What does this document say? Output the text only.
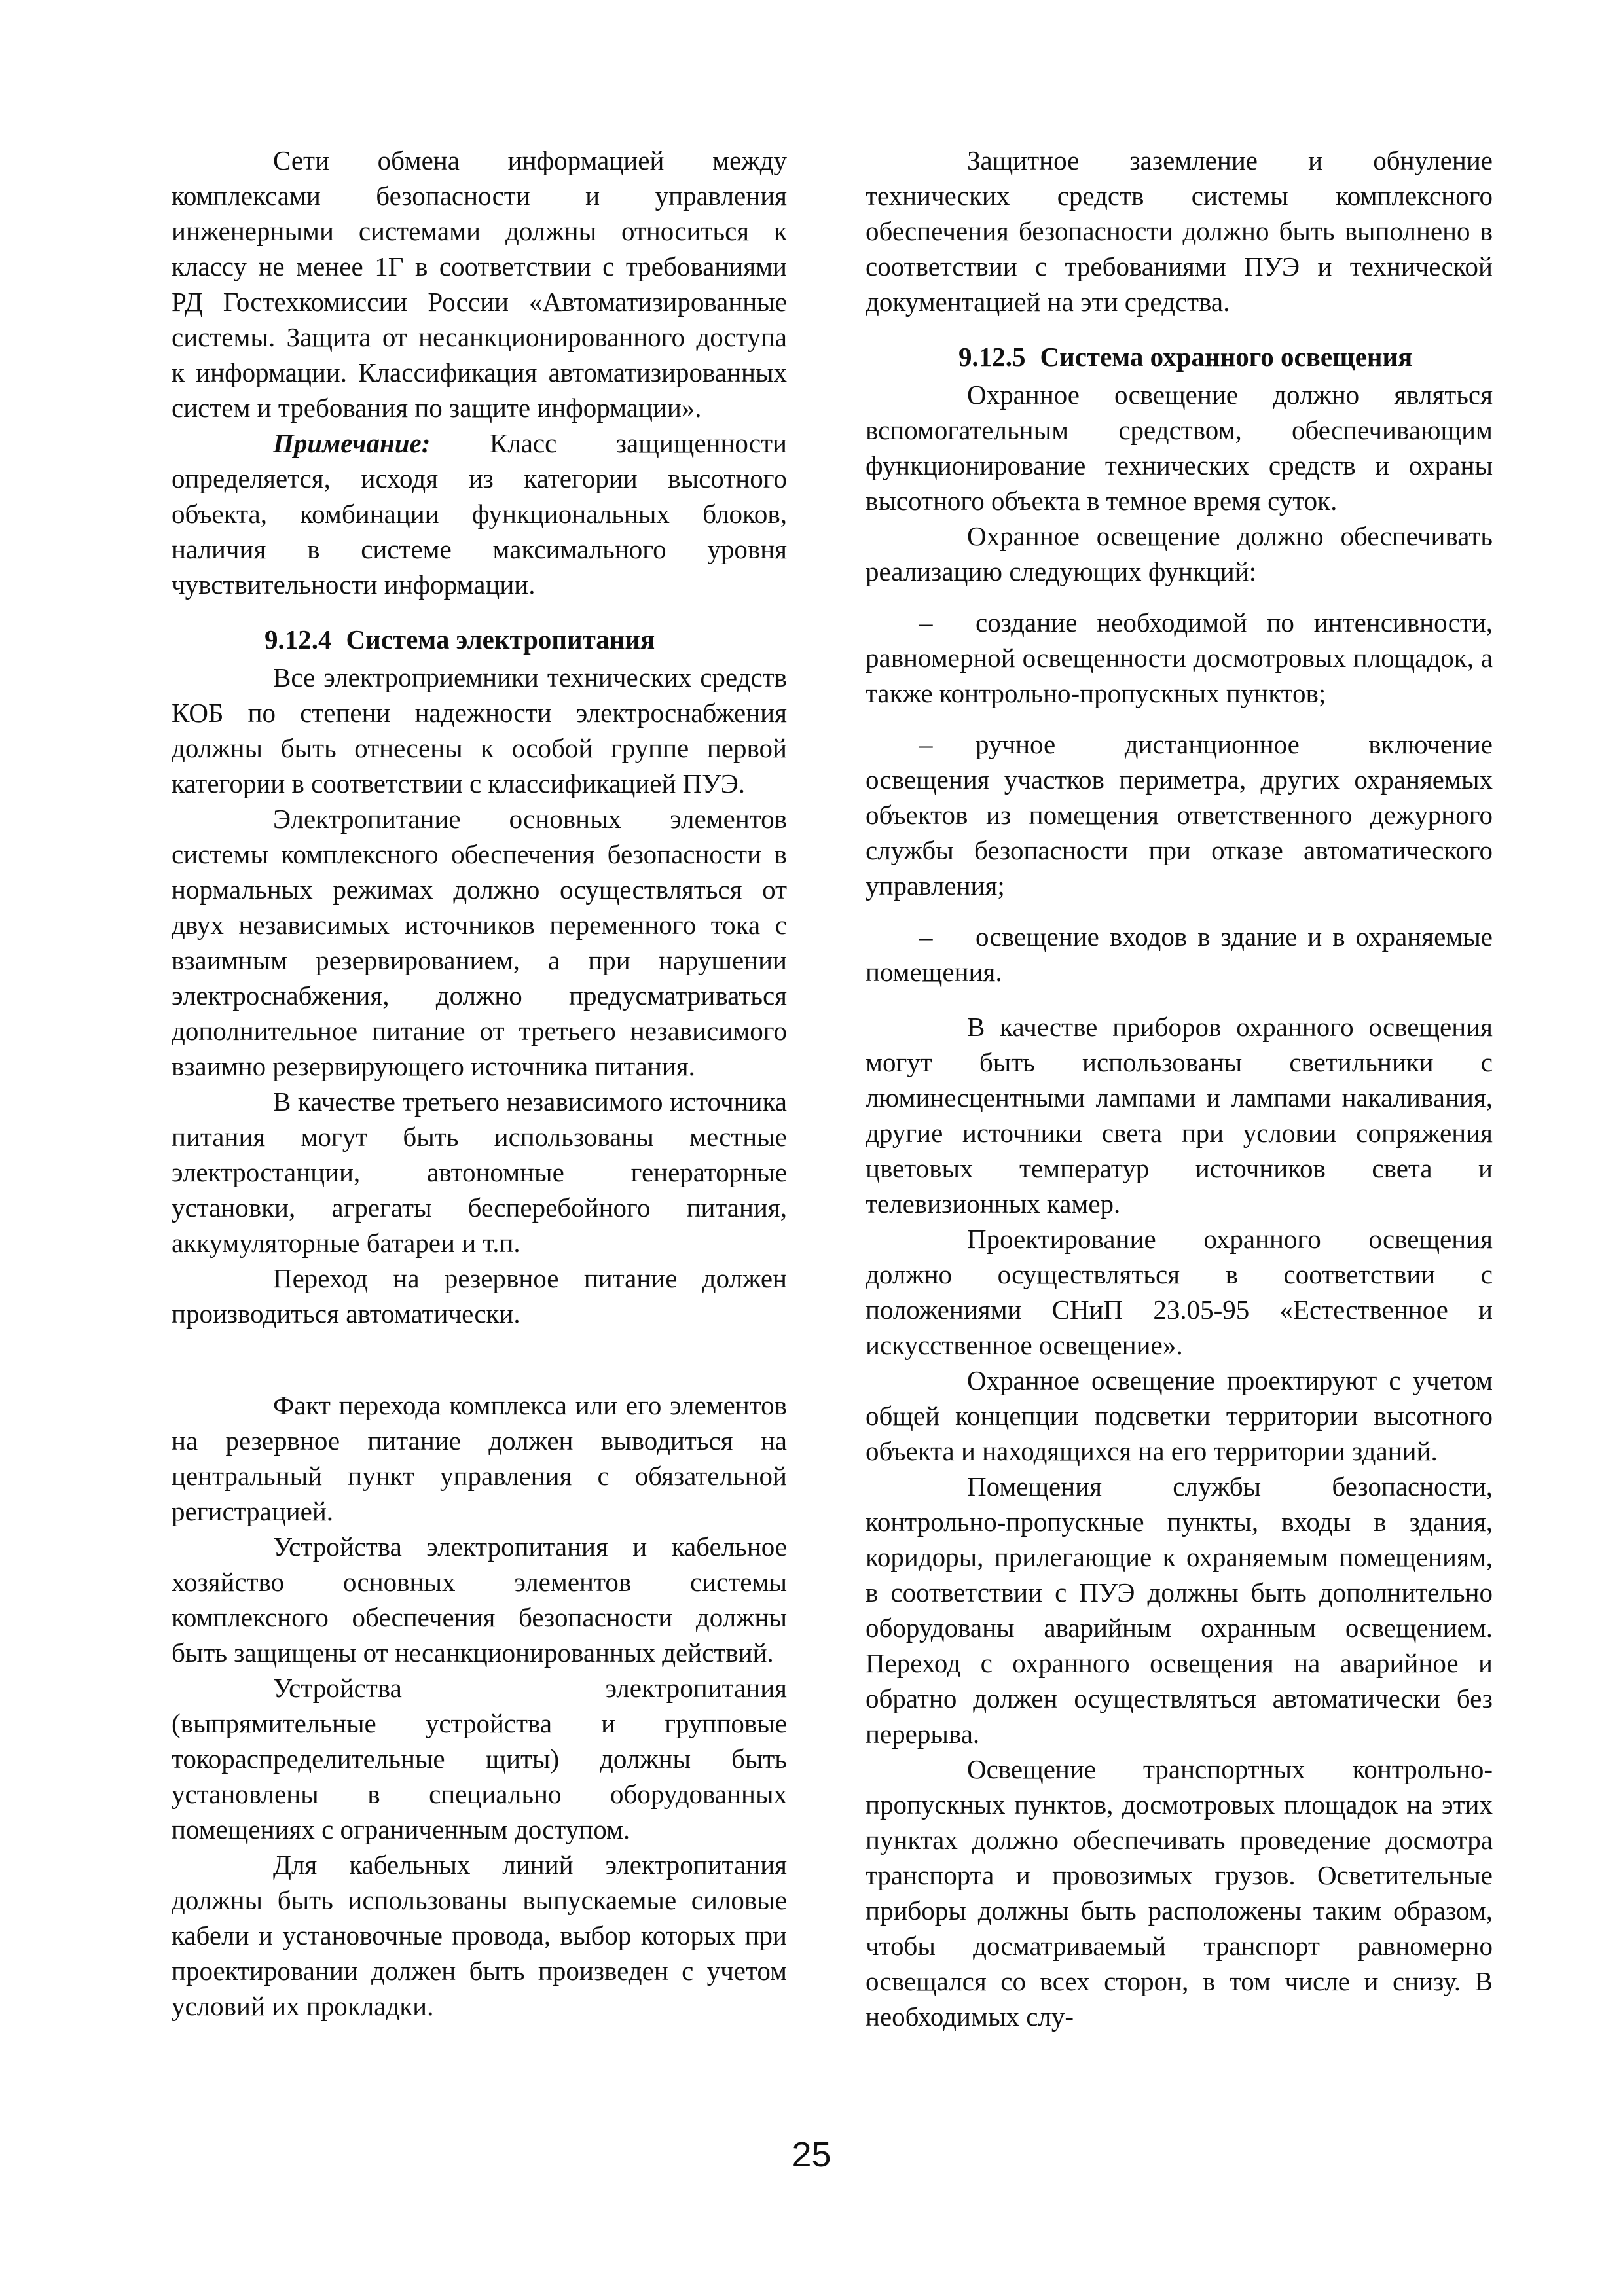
Сети обмена информацией между комплексами безопасности и управления инженерными системами должны относиться к классу не менее 1Г в соответствии с требованиями РД Гостехкомиссии России «Автоматизированные системы. Защита от несанкционированного доступа к информации. Классификация автоматизированных систем и требования по защите информации».

Примечание: Класс защищенности определяется, исходя из категории высотного объекта, комбинации функциональных блоков, наличия в системе максимального уровня чувствительности информации.

9.12.4 Система электропитания

Все электроприемники технических средств КОБ по степени надежности электроснабжения должны быть отнесены к особой группе первой категории в соответствии с классификацией ПУЭ.

Электропитание основных элементов системы комплексного обеспечения безопасности в нормальных режимах должно осуществляться от двух независимых источников переменного тока с взаимным резервированием, а при нарушении электроснабжения, должно предусматриваться дополнительное питание от третьего независимого взаимно резервирующего источника питания.

В качестве третьего независимого источника питания могут быть использованы местные электростанции, автономные генераторные установки, агрегаты бесперебойного питания, аккумуляторные батареи и т.п.

Переход на резервное питание должен производиться автоматически.

Факт перехода комплекса или его элементов на резервное питание должен выводиться на центральный пункт управления с обязательной регистрацией.

Устройства электропитания и кабельное хозяйство основных элементов системы комплексного обеспечения безопасности должны быть защищены от несанкционированных действий.

Устройства электропитания (выпрямительные устройства и групповые токораспределительные щиты) должны быть установлены в специально оборудованных помещениях с ограниченным доступом.

Для кабельных линий электропитания должны быть использованы выпускаемые силовые кабели и установочные провода, выбор которых при проектировании должен быть произведен с учетом условий их прокладки.

Защитное заземление и обнуление технических средств системы комплексного обеспечения безопасности должно быть выполнено в соответствии с требованиями ПУЭ и технической документацией на эти средства.

9.12.5 Система охранного освещения

Охранное освещение должно являться вспомогательным средством, обеспечивающим функционирование технических средств и охраны высотного объекта в темное время суток.

Охранное освещение должно обеспечивать реализацию следующих функций:

– создание необходимой по интенсивности, равномерной освещенности досмотровых площадок, а также контрольно-пропускных пунктов;
– ручное дистанционное включение освещения участков периметра, других охраняемых объектов из помещения ответственного дежурного службы безопасности при отказе автоматического управления;
– освещение входов в здание и в охраняемые помещения.

В качестве приборов охранного освещения могут быть использованы светильники с люминесцентными лампами и лампами накаливания, другие источники света при условии сопряжения цветовых температур источников света и телевизионных камер.

Проектирование охранного освещения должно осуществляться в соответствии с положениями СНиП 23.05-95 «Естественное и искусственное освещение».

Охранное освещение проектируют с учетом общей концепции подсветки территории высотного объекта и находящихся на его территории зданий.

Помещения службы безопасности, контрольно-пропускные пункты, входы в здания, коридоры, прилегающие к охраняемым помещениям, в соответствии с ПУЭ должны быть дополнительно оборудованы аварийным охранным освещением. Переход с охранного освещения на аварийное и обратно должен осуществляться автоматически без перерыва.

Освещение транспортных контрольно-пропускных пунктов, досмотровых площадок на этих пунктах должно обеспечивать проведение досмотра транспорта и провозимых грузов. Осветительные приборы должны быть расположены таким образом, чтобы досматриваемый транспорт равномерно освещался со всех сторон, в том числе и снизу. В необходимых слу-

25
